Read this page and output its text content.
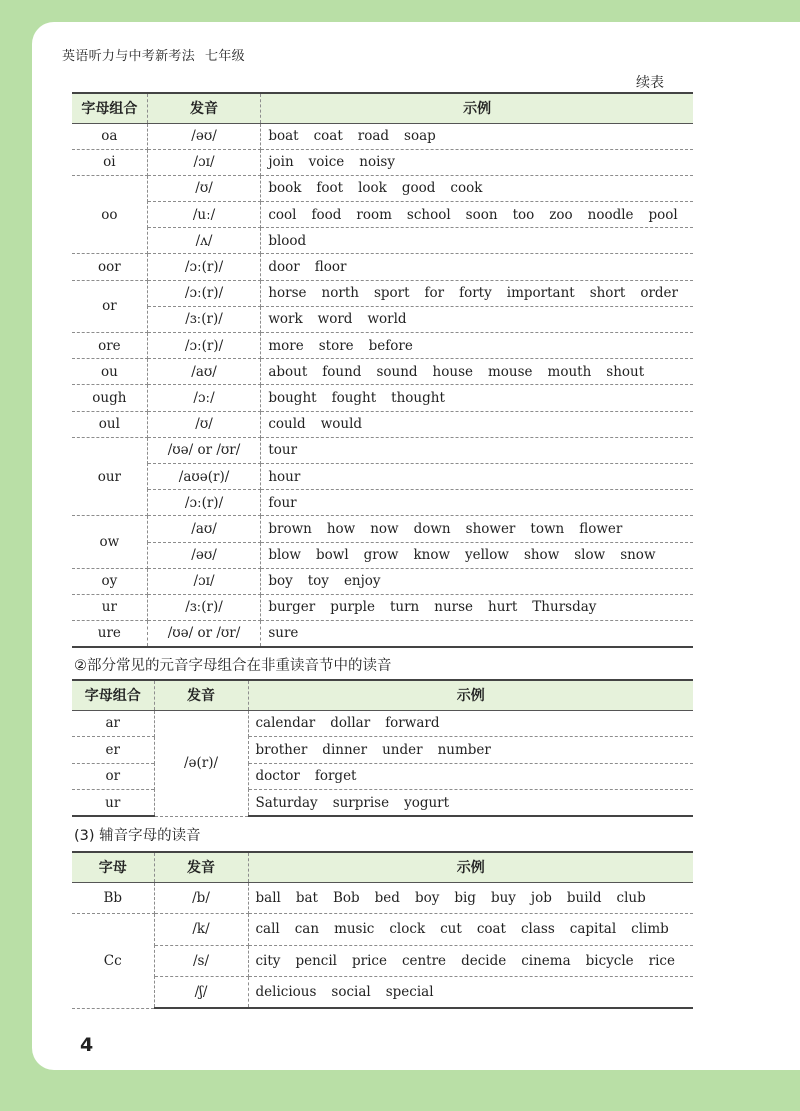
英语听力与中考新考法 七年级
续表
字母组合	发音	示例
oa	/əʊ/	boat coat road soap
oi	/ɔɪ/	join voice noisy
oo	/ʊ/	book foot look good cook
	/uː/	cool food room school soon too zoo noodle pool
	/ʌ/	blood
oor	/ɔː(r)/	door floor
or	/ɔː(r)/	horse north sport for forty important short order
	/ɜː(r)/	work word world
ore	/ɔː(r)/	more store before
ou	/aʊ/	about found sound house mouse mouth shout
ough	/ɔː/	bought fought thought
oul	/ʊ/	could would
our	/ʊə/ or /ʊr/	tour
	/aʊə(r)/	hour
	/ɔː(r)/	four
ow	/aʊ/	brown how now down shower town flower
	/əʊ/	blow bowl grow know yellow show slow snow
oy	/ɔɪ/	boy toy enjoy
ur	/ɜː(r)/	burger purple turn nurse hurt Thursday
ure	/ʊə/ or /ʊr/	sure
②部分常见的元音字母组合在非重读音节中的读音
字母组合	发音	示例
ar	/ə(r)/	calendar dollar forward
er		brother dinner under number
or		doctor forget
ur		Saturday surprise yogurt
(3) 辅音字母的读音
字母	发音	示例
Bb	/b/	ball bat Bob bed boy big buy job build club
Cc	/k/	call can music clock cut coat class capital climb
	/s/	city pencil price centre decide cinema bicycle rice
	/ʃ/	delicious social special
4
